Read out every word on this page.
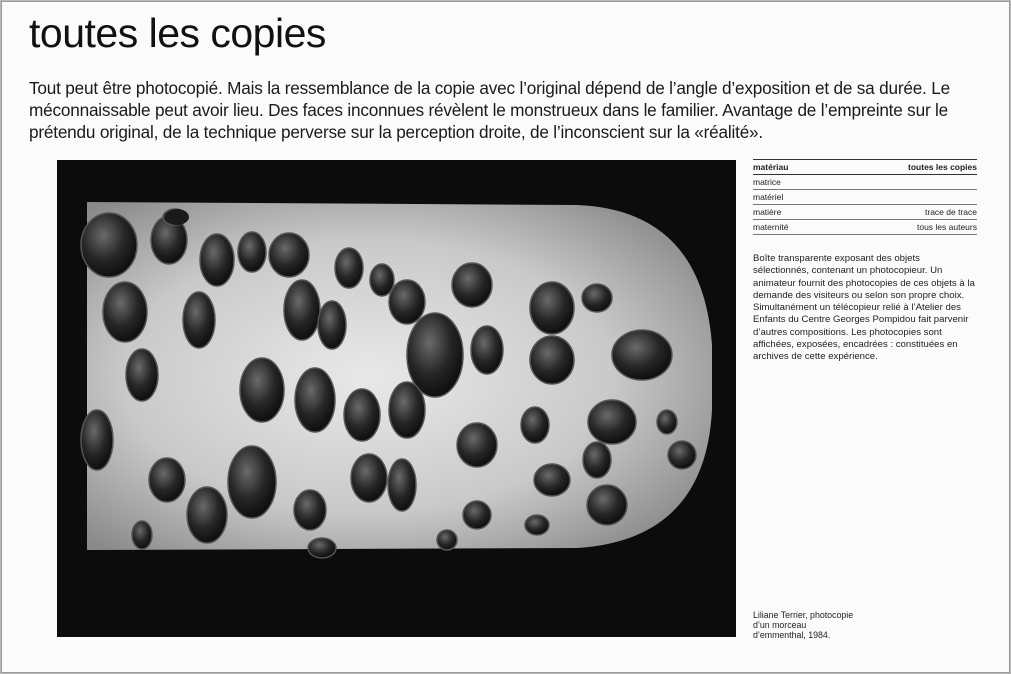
toutes les copies

Tout peut être photocopié. Mais la ressemblance de la copie avec l’original dépend de l’angle d’exposition et de sa durée. Le méconnaissable peut avoir lieu. Des faces inconnues révèlent le monstrueux dans le familier. Avantage de l’empreinte sur le prétendu original, de la technique perverse sur la perception droite, de l’inconscient sur la «réalité».

matériau	toutes les copies
matrice	
matériel	
matière	trace de trace
maternité	tous les auteurs

Boîte transparente exposant des objets sélectionnés, contenant un photocopieur. Un animateur fournit des photocopies de ces objets à la demande des visiteurs ou selon son propre choix. Simultanément un télécopieur relié à l’Atelier des Enfants du Centre Georges Pompidou fait parvenir d’autres compositions. Les photocopies sont affichées, exposées, encadrées : constituées en archives de cette expérience.

Liliane Terrier, photocopie
d’un morceau
d’emmenthal, 1984.
